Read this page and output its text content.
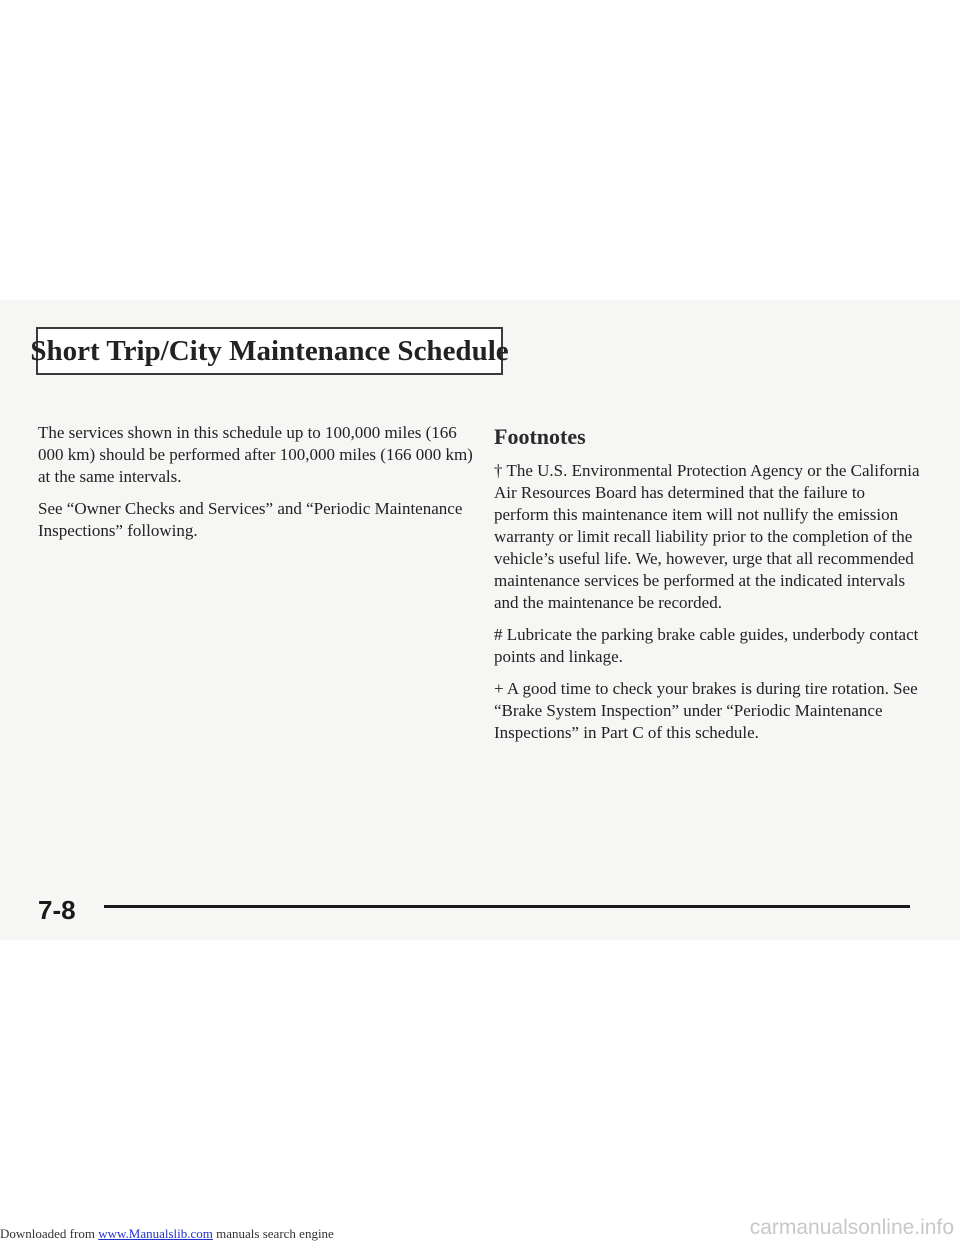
Short Trip/City Maintenance Schedule

The services shown in this schedule up to 100,000 miles (166 000 km) should be performed after 100,000 miles (166 000 km) at the same intervals.

See “Owner Checks and Services” and “Periodic Maintenance Inspections” following.

Footnotes

† The U.S. Environmental Protection Agency or the California Air Resources Board has determined that the failure to perform this maintenance item will not nullify the emission warranty or limit recall liability prior to the completion of the vehicle’s useful life. We, however, urge that all recommended maintenance services be performed at the indicated intervals and the maintenance be recorded.

# Lubricate the parking brake cable guides, underbody contact points and linkage.

+ A good time to check your brakes is during tire rotation. See “Brake System Inspection” under “Periodic Maintenance Inspections” in Part C of this schedule.

7-8
Downloaded from www.Manualslib.com manuals search engine	carmanualsonline.info
